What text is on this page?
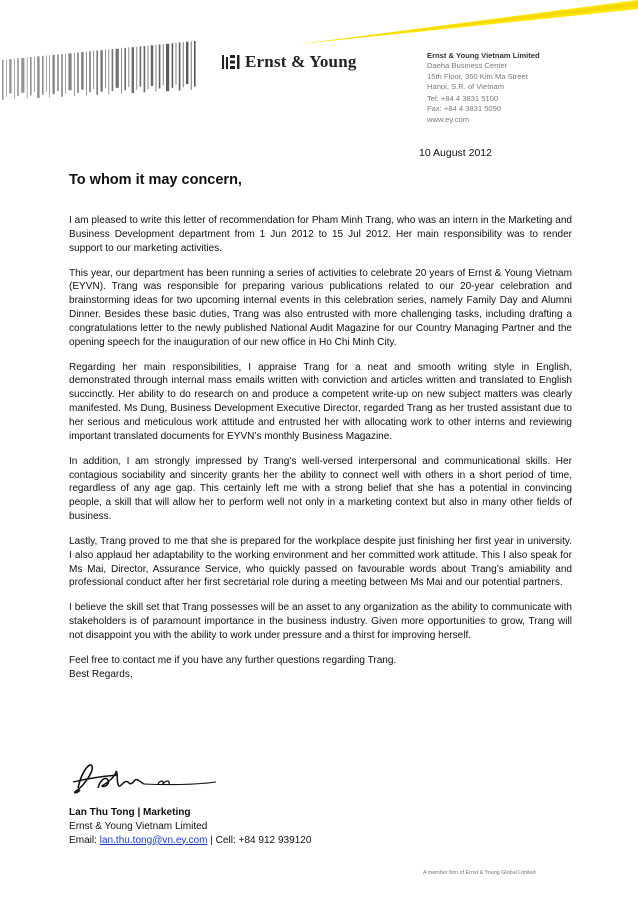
Ernst & Young	Ernst & Young Vietnam Limited
Daeha Business Center
15th Floor, 360 Kim Ma Street
Hanoi, S.R. of Vietnam
Tel: +84 4 3831 5100
Fax: +84 4 3831 5090
www.ey.com
10 August 2012
To whom it may concern,

I am pleased to write this letter of recommendation for Pham Minh Trang, who was an intern in the Marketing and Business Development department from 1 Jun 2012 to 15 Jul 2012. Her main responsibility was to render support to our marketing activities.

This year, our department has been running a series of activities to celebrate 20 years of Ernst & Young Vietnam (EYVN). Trang was responsible for preparing various publications related to our 20-year celebration and brainstorming ideas for two upcoming internal events in this celebration series, namely Family Day and Alumni Dinner. Besides these basic duties, Trang was also entrusted with more challenging tasks, including drafting a congratulations letter to the newly published National Audit Magazine for our Country Managing Partner and the opening speech for the inauguration of our new office in Ho Chi Minh City.

Regarding her main responsibilities, I appraise Trang for a neat and smooth writing style in English, demonstrated through internal mass emails written with conviction and articles written and translated to English succinctly. Her ability to do research on and produce a competent write-up on new subject matters was clearly manifested. Ms Dung, Business Development Executive Director, regarded Trang as her trusted assistant due to her serious and meticulous work attitude and entrusted her with allocating work to other interns and reviewing important translated documents for EYVN’s monthly Business Magazine.

In addition, I am strongly impressed by Trang’s well-versed interpersonal and communicational skills. Her contagious sociability and sincerity grants her the ability to connect well with others in a short period of time, regardless of any age gap. This certainly left me with a strong belief that she has a potential in convincing people, a skill that will allow her to perform well not only in a marketing context but also in many other fields of business.

Lastly, Trang proved to me that she is prepared for the workplace despite just finishing her first year in university. I also applaud her adaptability to the working environment and her committed work attitude. This I also speak for Ms Mai, Director, Assurance Service, who quickly passed on favourable words about Trang’s amiability and professional conduct after her first secretarial role during a meeting between Ms Mai and our potential partners.

I believe the skill set that Trang possesses will be an asset to any organization as the ability to communicate with stakeholders is of paramount importance in the business industry. Given more opportunities to grow, Trang will not disappoint you with the ability to work under pressure and a thirst for improving herself.

Feel free to contact me if you have any further questions regarding Trang.

Best Regards,

Lan Thu Tong | Marketing
Ernst & Young Vietnam Limited
Email: lan.thu.tong@vn.ey.com | Cell: +84 912 939120
A member firm of Ernst & Young Global Limited
